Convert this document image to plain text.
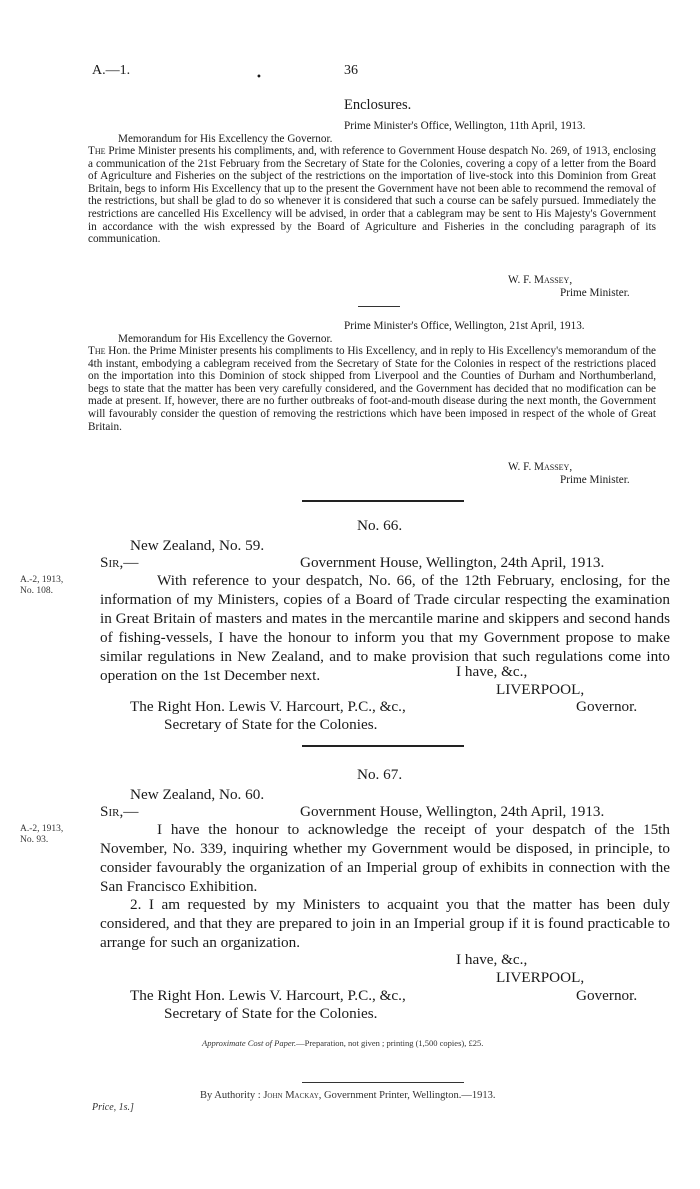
A.—1.	•	36
Enclosures.
Prime Minister's Office, Wellington, 11th April, 1913.
Memorandum for His Excellency the Governor.
The Prime Minister presents his compliments, and, with reference to Government House despatch No. 269, of 1913, enclosing a communication of the 21st February from the Secretary of State for the Colonies, covering a copy of a letter from the Board of Agriculture and Fisheries on the subject of the restrictions on the importation of live-stock into this Dominion from Great Britain, begs to inform His Excellency that up to the present the Government have not been able to recommend the removal of the restrictions, but shall be glad to do so whenever it is considered that such a course can be safely pursued. Immediately the restrictions are cancelled His Excellency will be advised, in order that a cablegram may be sent to His Majesty's Government in accordance with the wish expressed by the Board of Agriculture and Fisheries in the concluding paragraph of its communication.
W. F. Massey,
Prime Minister.
Prime Minister's Office, Wellington, 21st April, 1913.
Memorandum for His Excellency the Governor.
The Hon. the Prime Minister presents his compliments to His Excellency, and in reply to His Excellency's memorandum of the 4th instant, embodying a cablegram received from the Secretary of State for the Colonies in respect of the restrictions placed on the importation into this Dominion of stock shipped from Liverpool and the Counties of Durham and Northumberland, begs to state that the matter has been very carefully considered, and the Government has decided that no modification can be made at present. If, however, there are no further outbreaks of foot-and-mouth disease during the next month, the Government will favourably consider the question of removing the restrictions which have been imposed in respect of the whole of Great Britain.
W. F. Massey,
Prime Minister.
No. 66.
New Zealand, No. 59.
Sir,—	Government House, Wellington, 24th April, 1913.
A.-2, 1913,
No. 108.
With reference to your despatch, No. 66, of the 12th February, enclosing, for the information of my Ministers, copies of a Board of Trade circular respecting the examination in Great Britain of masters and mates in the mercantile marine and skippers and second hands of fishing-vessels, I have the honour to inform you that my Government propose to make similar regulations in New Zealand, and to make provision that such regulations come into operation on the 1st December next.	I have, &c.,
LIVERPOOL,
Governor.
The Right Hon. Lewis V. Harcourt, P.C., &c.,
Secretary of State for the Colonies.
No. 67.
New Zealand, No. 60.
Sir,—	Government House, Wellington, 24th April, 1913.
A.-2, 1913,
No. 93.
I have the honour to acknowledge the receipt of your despatch of the 15th November, No. 339, inquiring whether my Government would be disposed, in principle, to consider favourably the organization of an Imperial group of exhibits in connection with the San Francisco Exhibition.
2. I am requested by my Ministers to acquaint you that the matter has been duly considered, and that they are prepared to join in an Imperial group if it is found practicable to arrange for such an organization.
I have, &c.,
LIVERPOOL,
Governor.
The Right Hon. Lewis V. Harcourt, P.C., &c.,
Secretary of State for the Colonies.
Approximate Cost of Paper.—Preparation, not given ; printing (1,500 copies), £25.
By Authority : John Mackay, Government Printer, Wellington.—1913.
Price, 1s.]
